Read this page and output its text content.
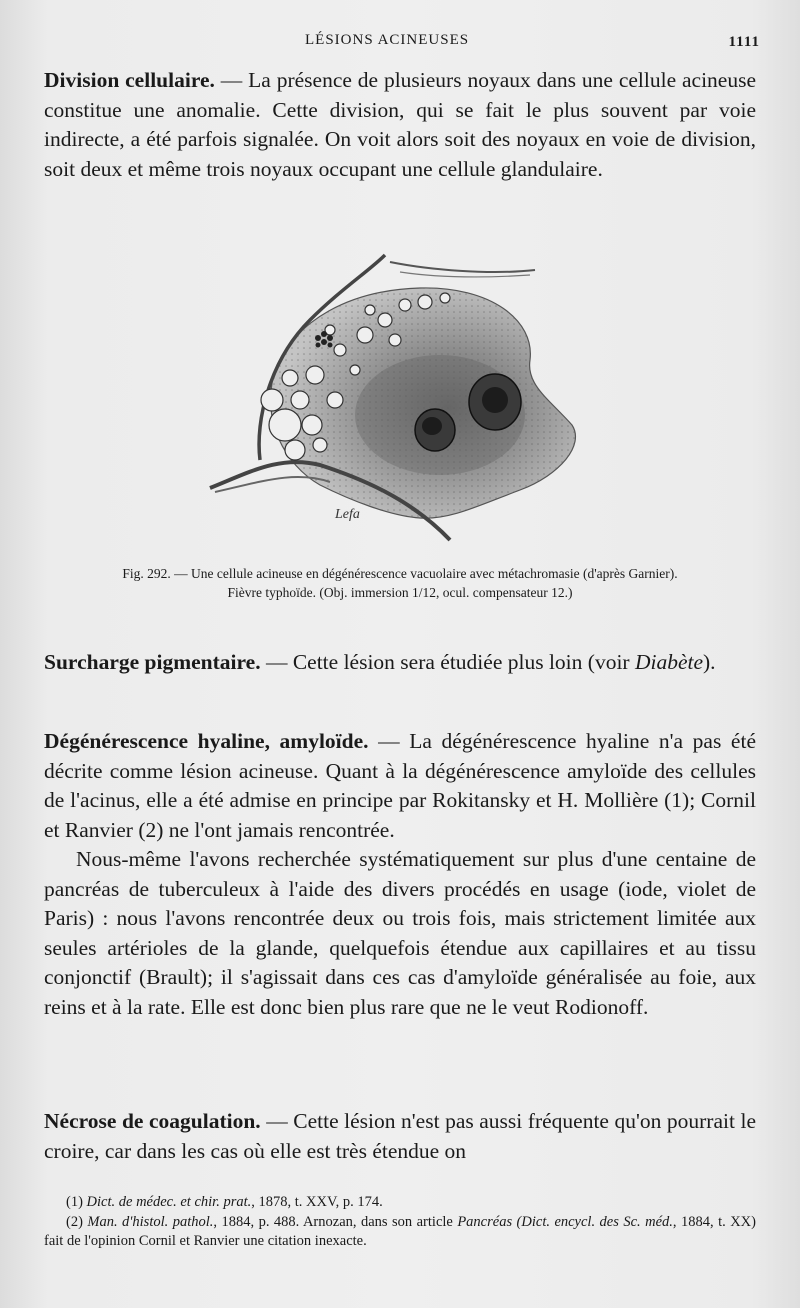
LÉSIONS ACINEUSES	1111

Division cellulaire. — La présence de plusieurs noyaux dans une cellule acineuse constitue une anomalie. Cette division, qui se fait le plus souvent par voie indirecte, a été parfois signalée. On voit alors soit des noyaux en voie de division, soit deux et même trois noyaux occupant une cellule glandulaire.

Lefa
Fig. 292. — Une cellule acineuse en dégénérescence vacuolaire avec métachromasie (d'après Garnier).
Fièvre typhoïde. (Obj. immersion 1/12, ocul. compensateur 12.)

Surcharge pigmentaire. — Cette lésion sera étudiée plus loin (voir Diabète).

Dégénérescence hyaline, amyloïde. — La dégénérescence hyaline n'a pas été décrite comme lésion acineuse. Quant à la dégénérescence amyloïde des cellules de l'acinus, elle a été admise en principe par Rokitansky et H. Mollière (1); Cornil et Ranvier (2) ne l'ont jamais rencontrée.

Nous-même l'avons recherchée systématiquement sur plus d'une centaine de pancréas de tuberculeux à l'aide des divers procédés en usage (iode, violet de Paris) : nous l'avons rencontrée deux ou trois fois, mais strictement limitée aux seules artérioles de la glande, quelquefois étendue aux capillaires et au tissu conjonctif (Brault); il s'agissait dans ces cas d'amyloïde généralisée au foie, aux reins et à la rate. Elle est donc bien plus rare que ne le veut Rodionoff.

Nécrose de coagulation. — Cette lésion n'est pas aussi fréquente qu'on pourrait le croire, car dans les cas où elle est très étendue on

(1) Dict. de médec. et chir. prat., 1878, t. XXV, p. 174.

(2) Man. d'histol. pathol., 1884, p. 488. Arnozan, dans son article Pancréas (Dict. encycl. des Sc. méd., 1884, t. XX) fait de l'opinion Cornil et Ranvier une citation inexacte.
